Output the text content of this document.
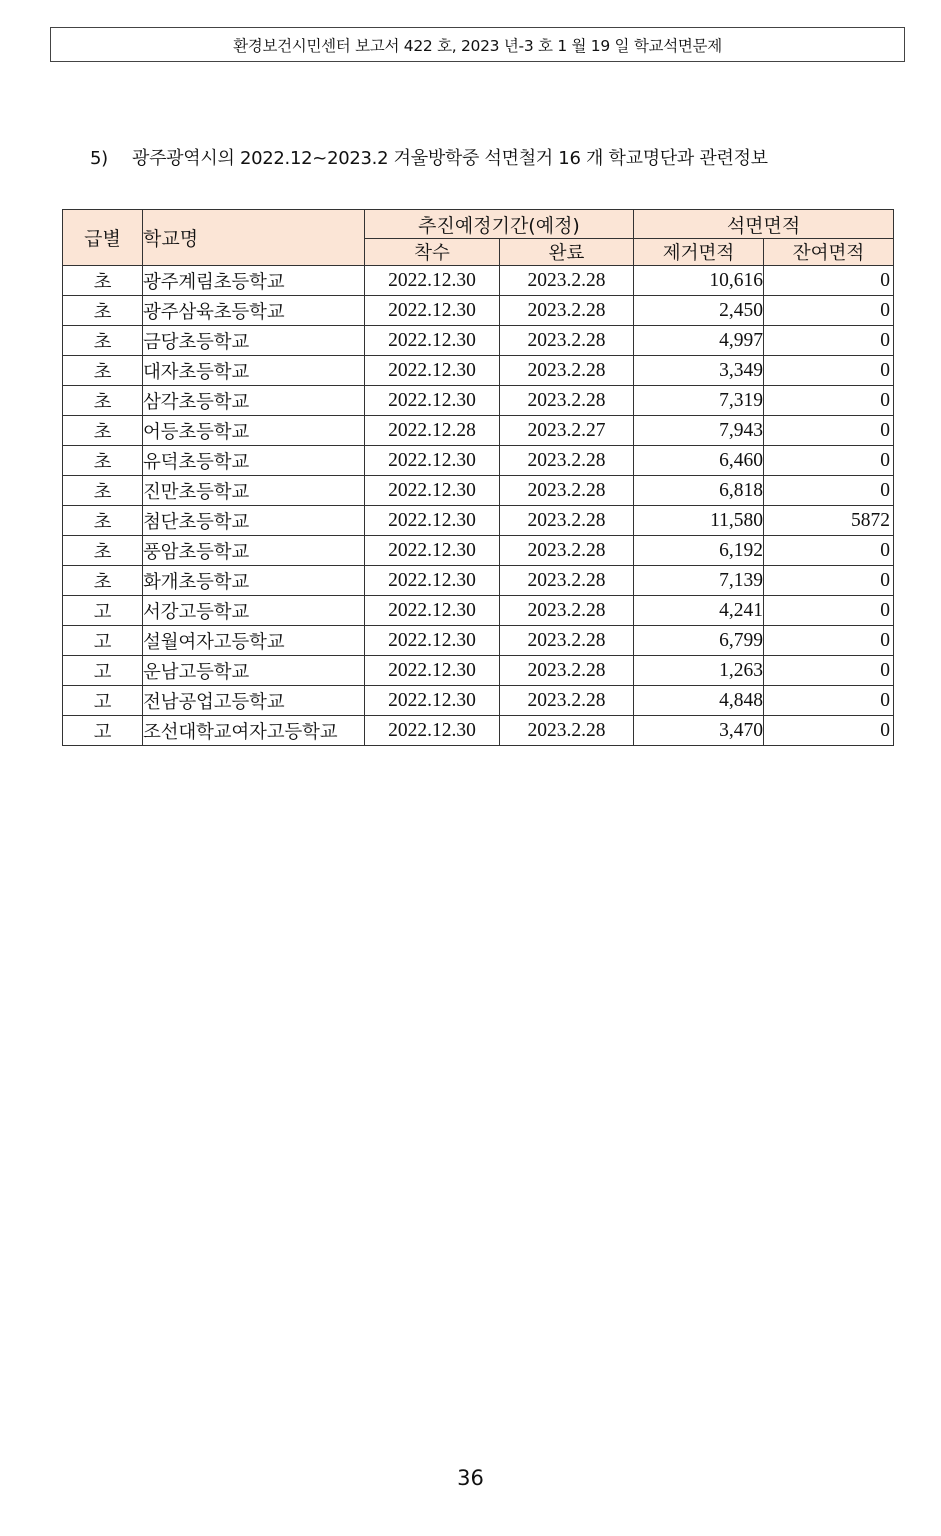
환경보건시민센터 보고서 422 호, 2023 년-3 호 1 월 19 일 학교석면문제
5) 광주광역시의 2022.12~2023.2 겨울방학중 석면철거 16 개 학교명단과 관련정보
급별	학교명	추진예정기간(예정)		석면면적	
		착수	완료	제거면적	잔여면적
초	광주계림초등학교	2022.12.30	2023.2.28	10,616	0
초	광주삼육초등학교	2022.12.30	2023.2.28	2,450	0
초	금당초등학교	2022.12.30	2023.2.28	4,997	0
초	대자초등학교	2022.12.30	2023.2.28	3,349	0
초	삼각초등학교	2022.12.30	2023.2.28	7,319	0
초	어등초등학교	2022.12.28	2023.2.27	7,943	0
초	유덕초등학교	2022.12.30	2023.2.28	6,460	0
초	진만초등학교	2022.12.30	2023.2.28	6,818	0
초	첨단초등학교	2022.12.30	2023.2.28	11,580	5872
초	풍암초등학교	2022.12.30	2023.2.28	6,192	0
초	화개초등학교	2022.12.30	2023.2.28	7,139	0
고	서강고등학교	2022.12.30	2023.2.28	4,241	0
고	설월여자고등학교	2022.12.30	2023.2.28	6,799	0
고	운남고등학교	2022.12.30	2023.2.28	1,263	0
고	전남공업고등학교	2022.12.30	2023.2.28	4,848	0
고	조선대학교여자고등학교	2022.12.30	2023.2.28	3,470	0
36
